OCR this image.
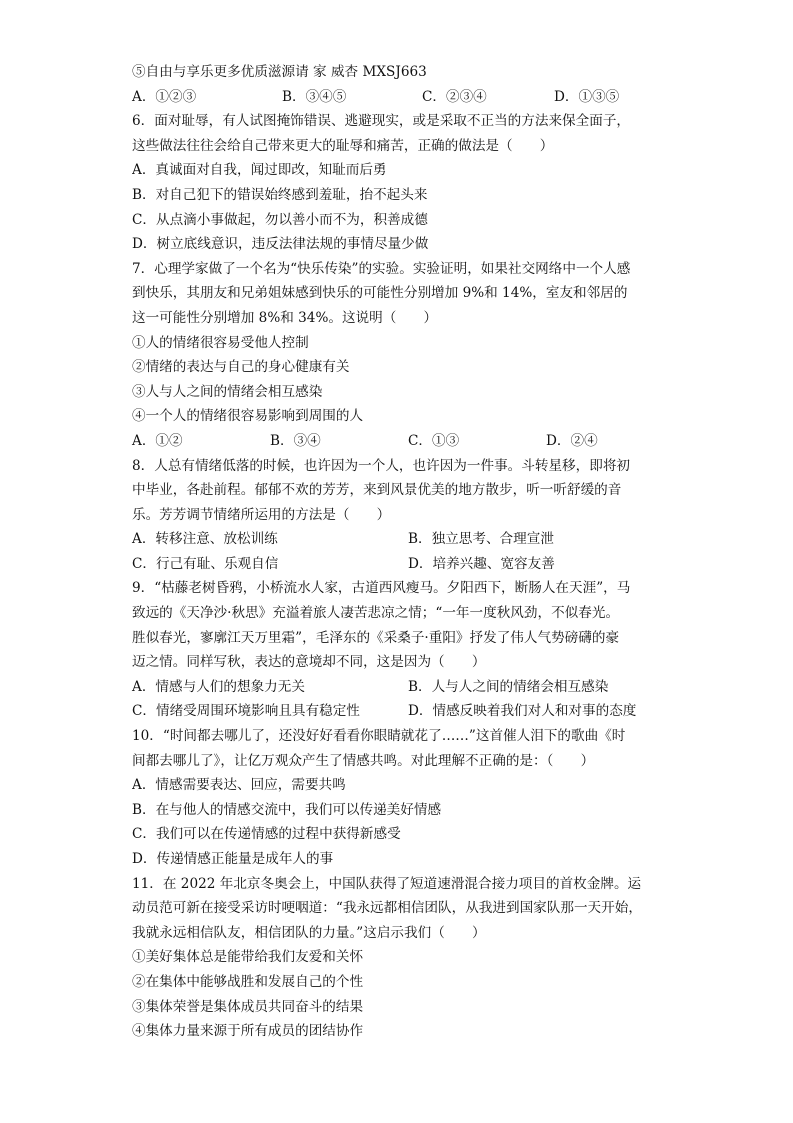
⑤自由与享乐更多优质滋源请 家 威杏 MXSJ663
A．①②③	B．③④⑤	C．②③④	D．①③⑤
6．面对耻辱，有人试图掩饰错误、逃避现实，或是采取不正当的方法来保全面子，
这些做法往往会给自己带来更大的耻辱和痛苦，正确的做法是（　　）
A．真诚面对自我，闻过即改，知耻而后勇
B．对自己犯下的错误始终感到羞耻，抬不起头来
C．从点滴小事做起，勿以善小而不为，积善成德
D．树立底线意识，违反法律法规的事情尽量少做
7．心理学家做了一个名为“快乐传染”的实验。实验证明，如果社交网络中一个人感
到快乐，其朋友和兄弟姐妹感到快乐的可能性分别增加 9%和 14%，室友和邻居的
这一可能性分别增加 8%和 34%。这说明（　　）
①人的情绪很容易受他人控制
②情绪的表达与自己的身心健康有关
③人与人之间的情绪会相互感染
④一个人的情绪很容易影响到周围的人
A．①②	B．③④	C．①③	D．②④
8．人总有情绪低落的时候，也许因为一个人，也许因为一件事。斗转星移，即将初
中毕业，各赴前程。郁郁不欢的芳芳，来到风景优美的地方散步，听一听舒缓的音
乐。芳芳调节情绪所运用的方法是（　　）
A．转移注意、放松训练	B．独立思考、合理宣泄
C．行己有耻、乐观自信	D．培养兴趣、宽容友善
9．“枯藤老树昏鸦，小桥流水人家，古道西风瘦马。夕阳西下，断肠人在天涯”，马
致远的《天净沙·秋思》充溢着旅人凄苦悲凉之情；“一年一度秋风劲，不似春光。
胜似春光，寥廓江天万里霜”，毛泽东的《采桑子·重阳》抒发了伟人气势磅礴的豪
迈之情。同样写秋，表达的意境却不同，这是因为（　　）
A．情感与人们的想象力无关	B．人与人之间的情绪会相互感染
C．情绪受周围环境影响且具有稳定性	D．情感反映着我们对人和对事的态度
10．“时间都去哪儿了，还没好好看看你眼睛就花了……”这首催人泪下的歌曲《时
间都去哪儿了》，让亿万观众产生了情感共鸣。对此理解不正确的是：（　　）
A．情感需要表达、回应，需要共鸣
B．在与他人的情感交流中，我们可以传递美好情感
C．我们可以在传递情感的过程中获得新感受
D．传递情感正能量是成年人的事
11．在 2022 年北京冬奥会上，中国队获得了短道速滑混合接力项目的首枚金牌。运
动员范可新在接受采访时哽咽道：“我永远都相信团队，从我进到国家队那一天开始，
我就永远相信队友，相信团队的力量。”这启示我们（　　）
①美好集体总是能带给我们友爱和关怀
②在集体中能够战胜和发展自己的个性
③集体荣誉是集体成员共同奋斗的结果
④集体力量来源于所有成员的团结协作
